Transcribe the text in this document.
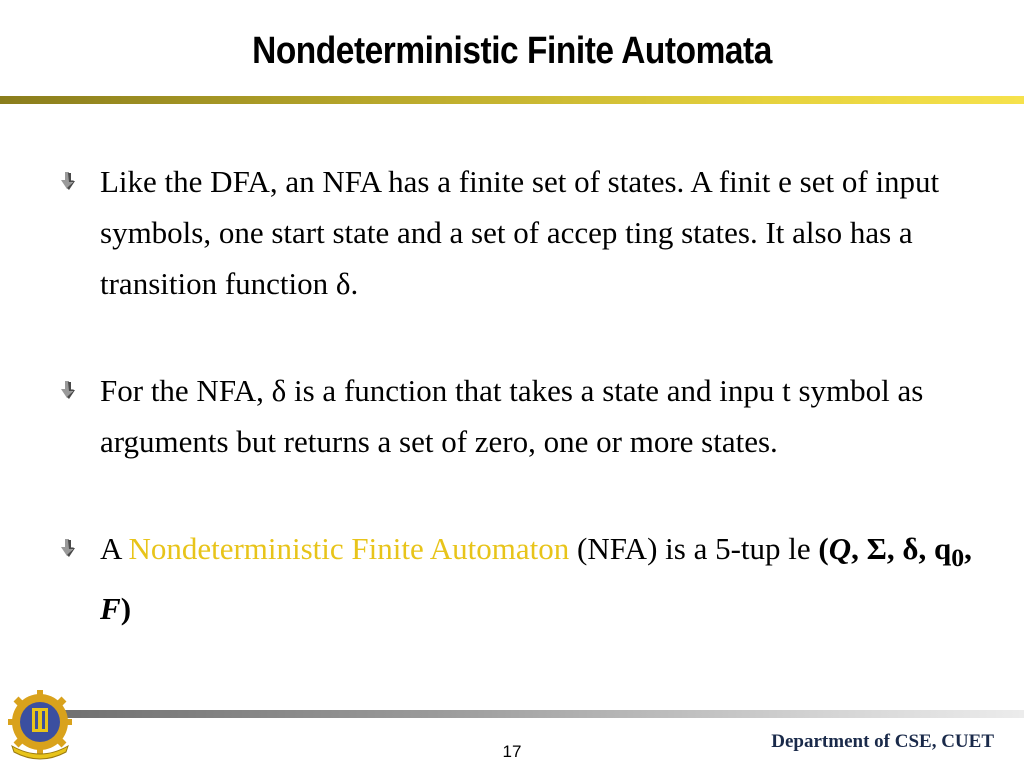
Nondeterministic Finite Automata
Like the DFA, an NFA has a finite set of states. A finit e set of input symbols, one start state and a set of accep ting states. It also has a transition function δ.
For the NFA, δ is a function that takes a state and inpu t symbol as arguments but returns a set of zero, one or more states.
A Nondeterministic Finite Automaton (NFA) is a 5-tup le (Q, Σ, δ, $q_0$, F)
17	Department of CSE, CUET
